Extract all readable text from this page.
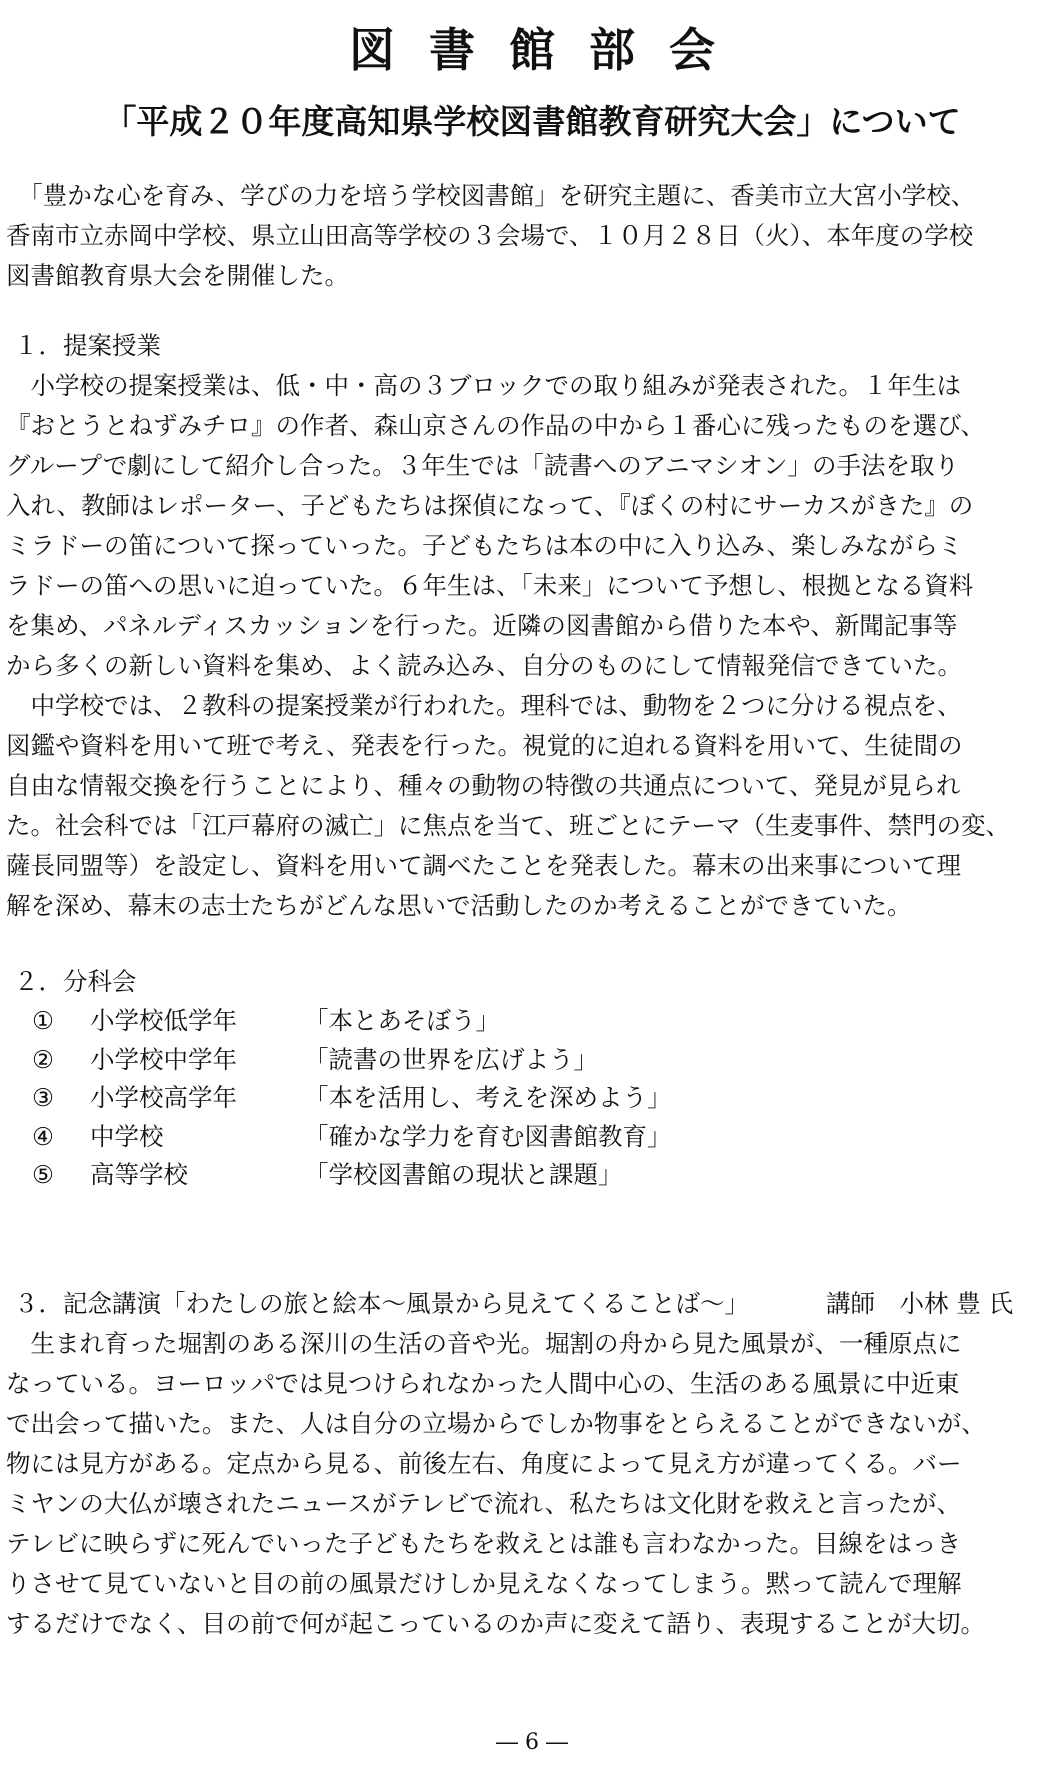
図書館部会
「平成２０年度高知県学校図書館教育研究大会」について
　「豊かな心を育み、学びの力を培う学校図書館」を研究主題に、香美市立大宮小学校、
香南市立赤岡中学校、県立山田高等学校の３会場で、１０月２８日（火）、本年度の学校
図書館教育県大会を開催した。
１．提案授業
　小学校の提案授業は、低・中・高の３ブロックでの取り組みが発表された。１年生は
『おとうとねずみチロ』の作者、森山京さんの作品の中から１番心に残ったものを選び、
グループで劇にして紹介し合った。３年生では「読書へのアニマシオン」の手法を取り
入れ、教師はレポーター、子どもたちは探偵になって、『ぼくの村にサーカスがきた』の
ミラドーの笛について探っていった。子どもたちは本の中に入り込み、楽しみながらミ
ラドーの笛への思いに迫っていた。６年生は、「未来」について予想し、根拠となる資料
を集め、パネルディスカッションを行った。近隣の図書館から借りた本や、新聞記事等
から多くの新しい資料を集め、よく読み込み、自分のものにして情報発信できていた。
　中学校では、２教科の提案授業が行われた。理科では、動物を２つに分ける視点を、
図鑑や資料を用いて班で考え、発表を行った。視覚的に迫れる資料を用いて、生徒間の
自由な情報交換を行うことにより、種々の動物の特徴の共通点について、発見が見られ
た。社会科では「江戸幕府の滅亡」に焦点を当て、班ごとにテーマ（生麦事件、禁門の変、
薩長同盟等）を設定し、資料を用いて調べたことを発表した。幕末の出来事について理
解を深め、幕末の志士たちがどんな思いで活動したのか考えることができていた。
２．分科会
①	小学校低学年	「本とあそぼう」
②	小学校中学年	「読書の世界を広げよう」
③	小学校高学年	「本を活用し、考えを深めよう」
④	中学校	「確かな学力を育む図書館教育」
⑤	高等学校	「学校図書館の現状と課題」
３．記念講演「わたしの旅と絵本～風景から見えてくることば～」	講師　小林 豊 氏
　生まれ育った堀割のある深川の生活の音や光。堀割の舟から見た風景が、一種原点に
なっている。ヨーロッパでは見つけられなかった人間中心の、生活のある風景に中近東
で出会って描いた。また、人は自分の立場からでしか物事をとらえることができないが、
物には見方がある。定点から見る、前後左右、角度によって見え方が違ってくる。バー
ミヤンの大仏が壊されたニュースがテレビで流れ、私たちは文化財を救えと言ったが、
テレビに映らずに死んでいった子どもたちを救えとは誰も言わなかった。目線をはっき
りさせて見ていないと目の前の風景だけしか見えなくなってしまう。黙って読んで理解
するだけでなく、目の前で何が起こっているのか声に変えて語り、表現することが大切。
― 6 ―
